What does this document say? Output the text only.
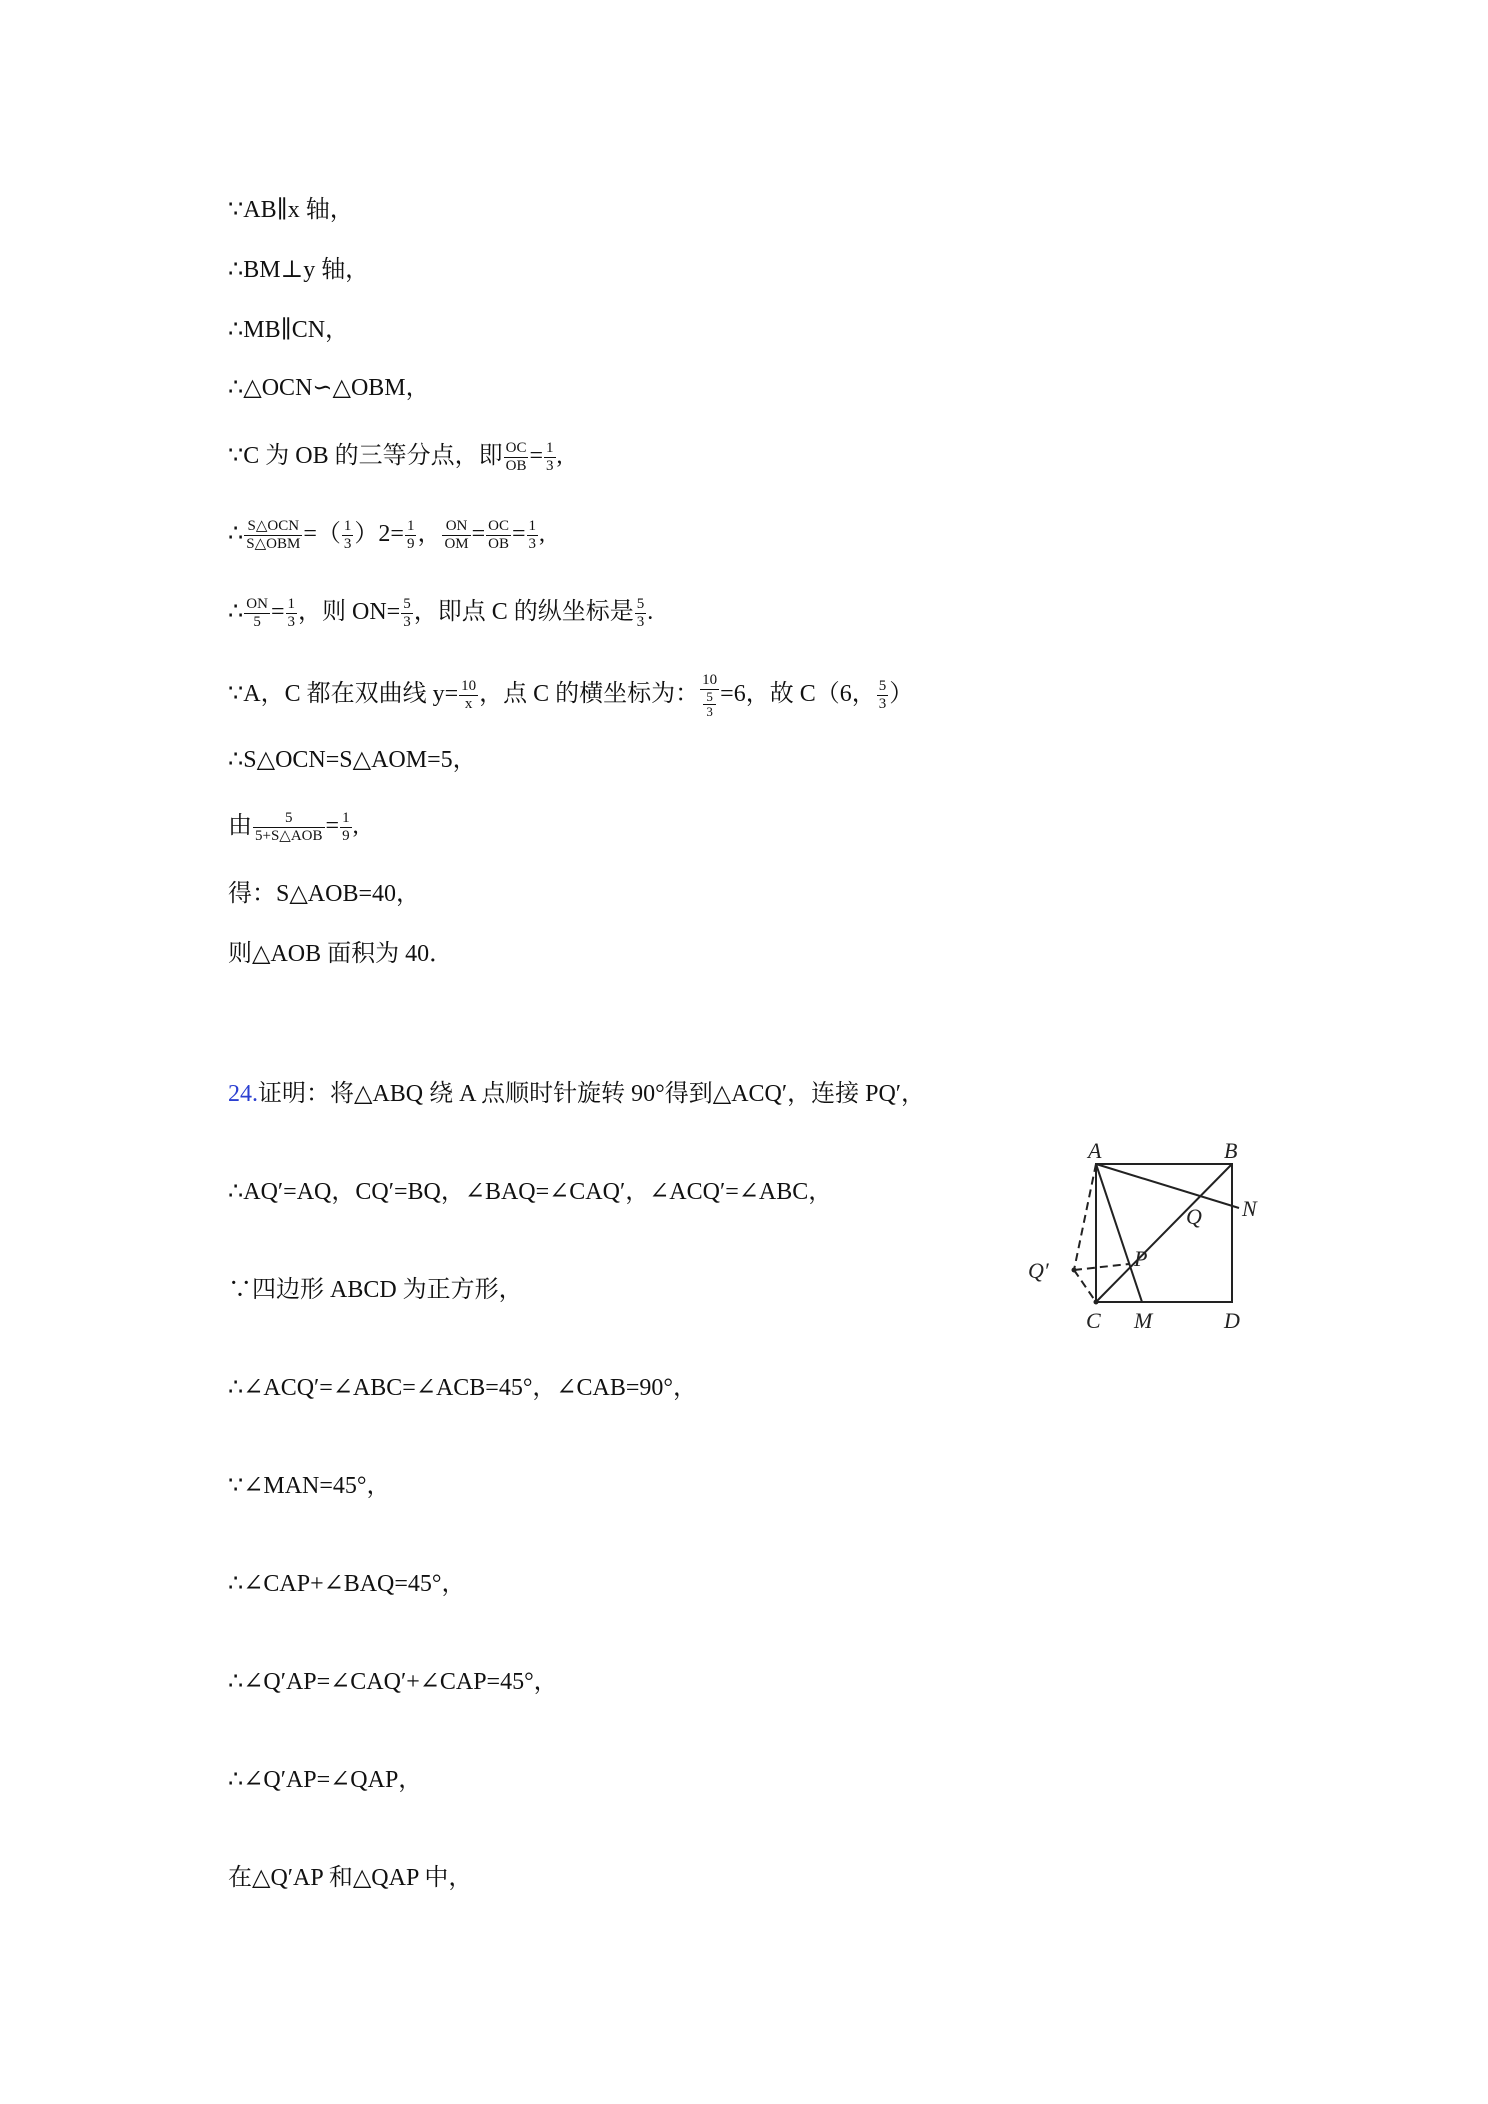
∵AB∥x 轴，
∴BM⊥y 轴，
∴MB∥CN，
∴△OCN∽△OBM，
∵C 为 OB 的三等分点，即 $\frac{OC}{OB} = \frac{1}{3}$ ,
∴ $\frac{\text{S△OCN}}{\text{S△OBM}}$ =（ $\frac{1}{3} )2= \frac{1}{9}$ ， $\frac{ON}{OM} = \frac{OC}{OB} = \frac{1}{3}$ ,
∴ $\frac{ON}{5} = \frac{1}{3}$ ，则 $ON= \frac{5}{3}$ ，即点 C 的纵坐标是 $\frac{5}{3}$ .
∵A，C 都在双曲线 $y= \frac{10}{x}$ ，点 C 的横坐标为： 10
5
3 =6，故 C（6， $\frac{5}{3}$ ）
∴S△OCN=S△AOM=5，
由 $\frac{5}{\text{5+S△AOB}} = \frac{1}{9}$ ,
得：S△AOB=40，
则△AOB 面积为 40．
24.证明：将△ABQ 绕 A 点顺时针旋转 90°得到△ACQ′，连接 PQ′，
∴AQ′=AQ，CQ′=BQ，∠BAQ=∠CAQ′，∠ACQ′=∠ABC，
∵四边形 ABCD 为正方形，
∴∠ACQ′=∠ABC=∠ACB=45°，∠CAB=90°，
∵∠MAN=45°，
∴∠CAP+∠BAQ=45°，
∴∠Q′AP=∠CAQ′+∠CAP=45°，
∴∠Q′AP=∠QAP，
在△Q′AP 和△QAP 中，
A	B
N
Q
P
Q′
C M	D
